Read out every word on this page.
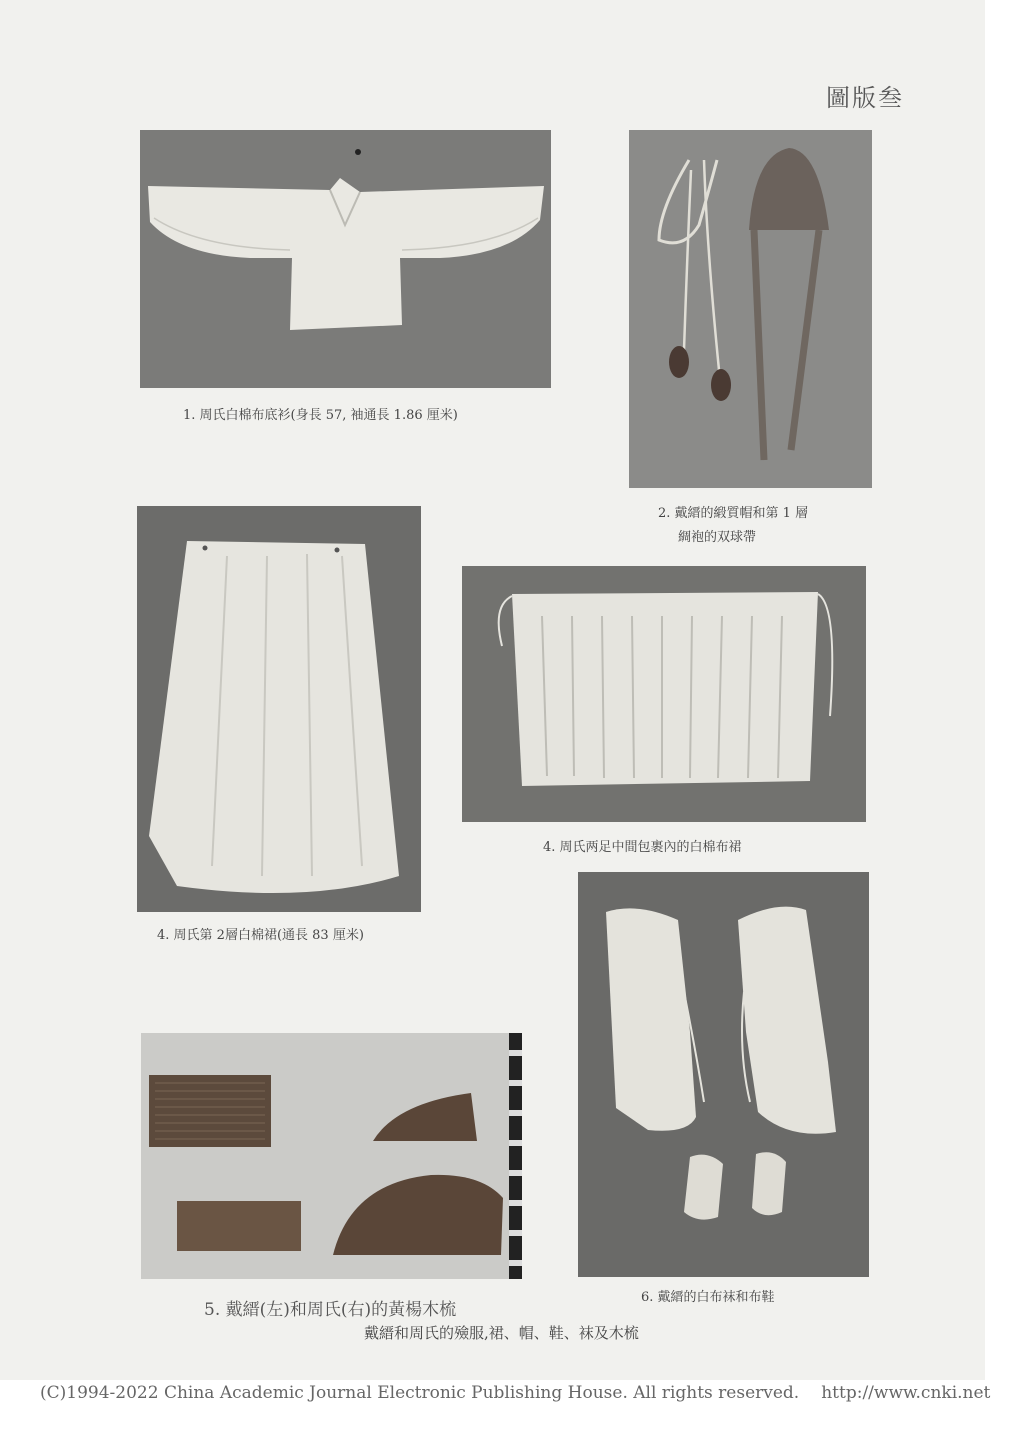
圖版叁
1. 周氏白棉布底衫(身長 57, 袖通長 1.86 厘米)
2. 戴縉的緞質帽和第 1 層
綢袍的双球帶
4. 周氏第 2層白棉裙(通長 83 厘米)
4. 周氏两足中間包裹內的白棉布裙
5. 戴縉(左)和周氏(右)的黃楊木梳
6. 戴縉的白布袜和布鞋
戴縉和周氏的殮服,裙、帽、鞋、袜及木梳
(C)1994-2022 China Academic Journal Electronic Publishing House. All rights reserved. http://www.cnki.net
